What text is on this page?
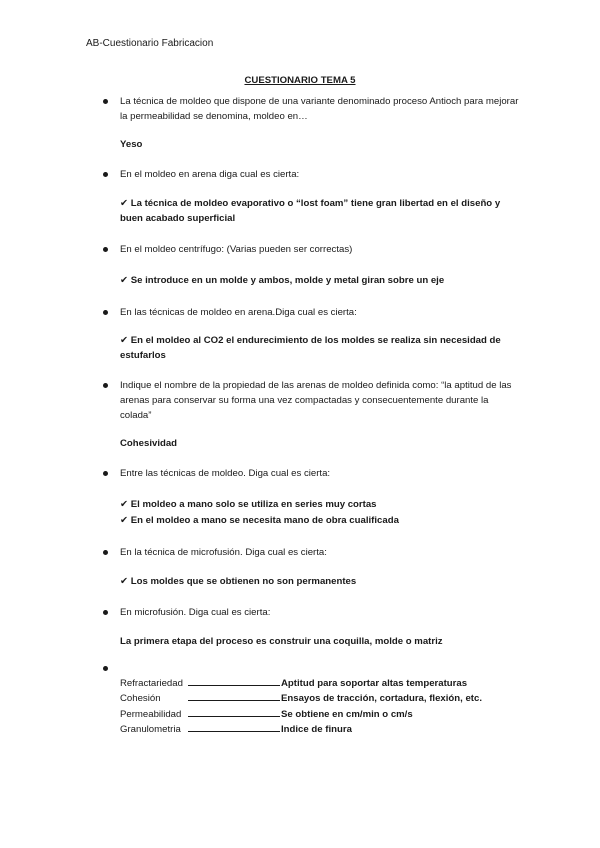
AB-Cuestionario Fabricacion
CUESTIONARIO TEMA 5
La técnica de moldeo que dispone de una variante denominado proceso Antioch para mejorar la permeabilidad se denomina, moldeo en…
Yeso
En el moldeo en arena diga cual es cierta:
✔ La técnica de moldeo evaporativo o “lost foam” tiene gran libertad en el diseño y buen acabado superficial
En el moldeo centrífugo: (Varias pueden ser correctas)
✔ Se introduce en un molde y ambos, molde y metal giran sobre un eje
En las técnicas de moldeo en arena.Diga cual es cierta:
✔ En el moldeo al CO2 el endurecimiento de los moldes se realiza sin necesidad de estufarlos
Indique el nombre de la propiedad de las arenas de moldeo definida como: “la aptitud de las arenas para conservar su forma una vez compactadas y consecuentemente durante la colada”
Cohesividad
Entre las técnicas de moldeo. Diga cual es cierta:
✔ El moldeo a mano solo se utiliza en series muy cortas
✔ En el moldeo a mano se necesita mano de obra cualificada
En la técnica de microfusión. Diga cual es cierta:
✔ Los moldes que se obtienen no son permanentes
En microfusión. Diga cual es cierta:
La primera etapa del proceso es construir una coquilla, molde o matriz
Refractariedad	Aptitud para soportar altas temperaturas
Cohesión	Ensayos de tracción, cortadura, flexión, etc.
Permeabilidad	Se obtiene en cm/min o cm/s
Granulometria	Indice de finura
